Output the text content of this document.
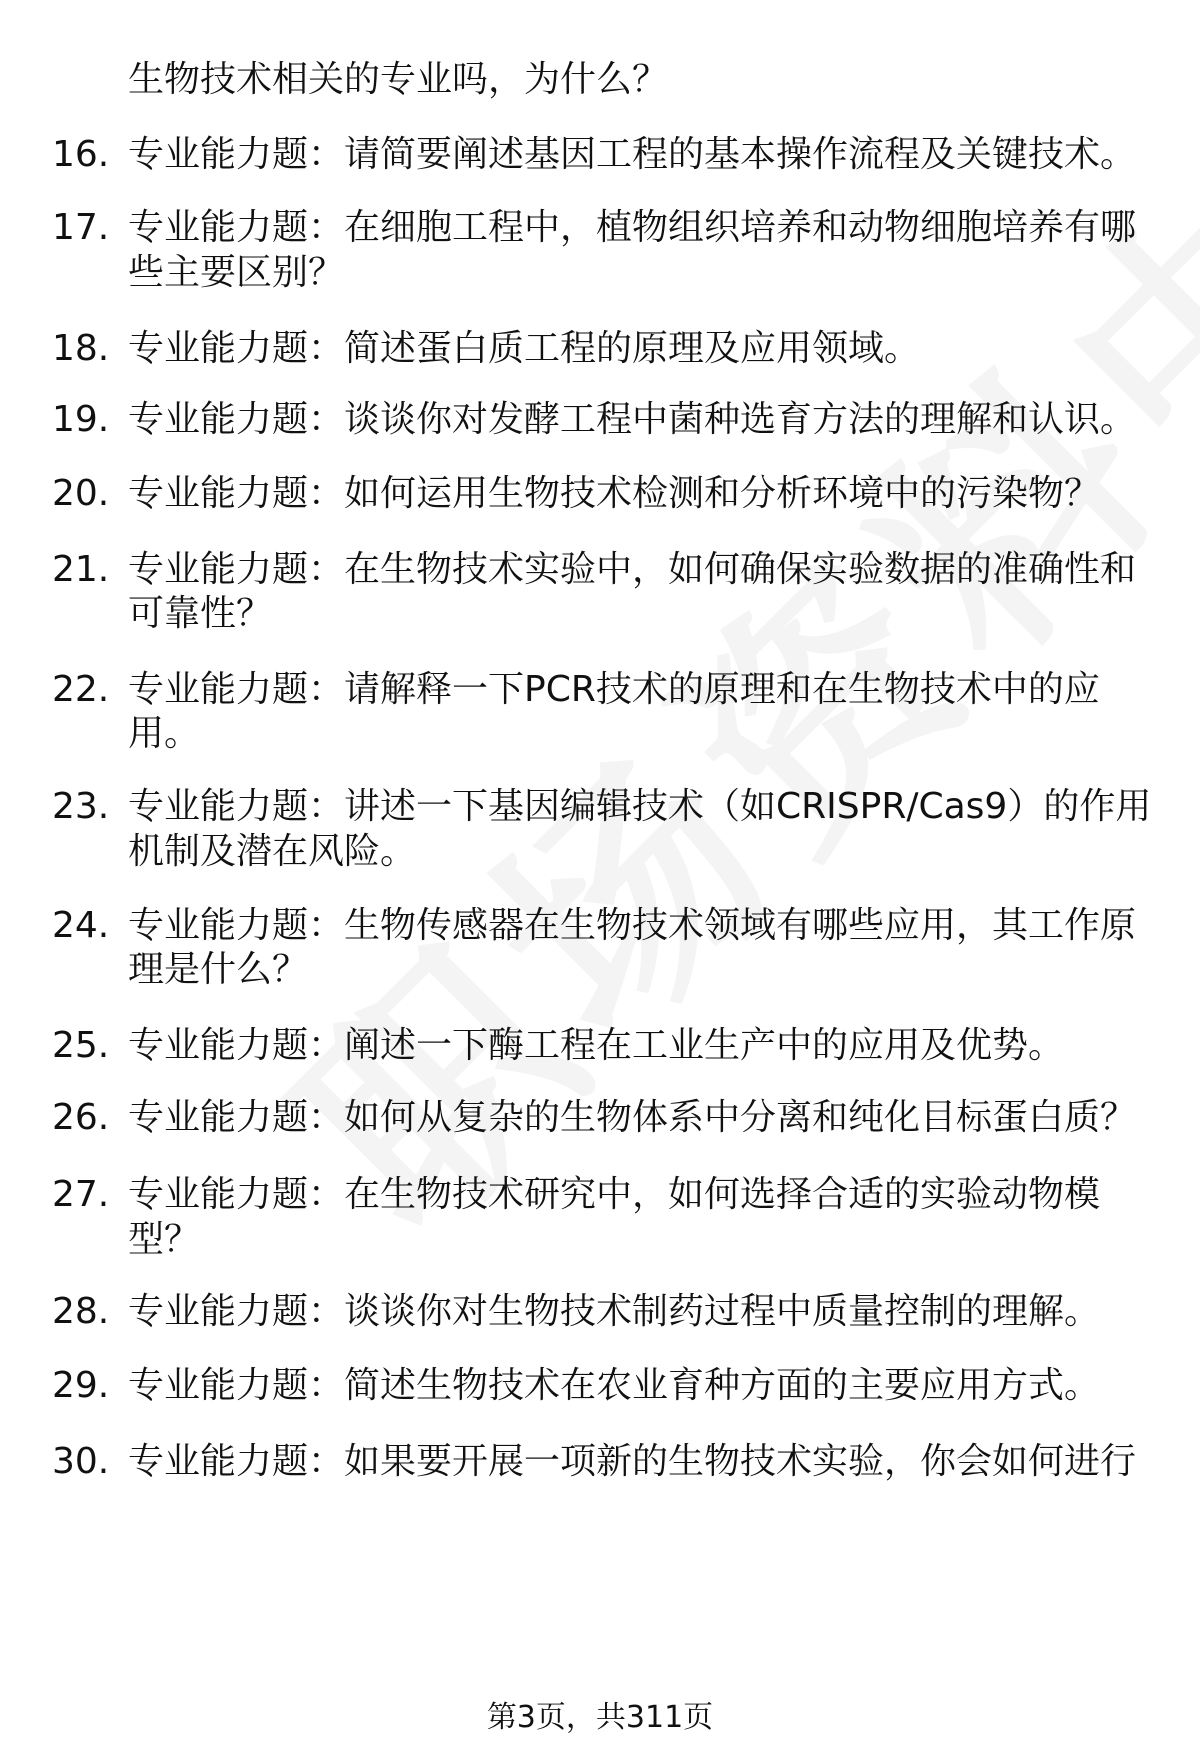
生物技术相关的专业吗，为什么？
16. 专业能力题：请简要阐述基因工程的基本操作流程及关键技术。
17. 专业能力题：在细胞工程中，植物组织培养和动物细胞培养有哪
些主要区别？
18. 专业能力题：简述蛋白质工程的原理及应用领域。
19. 专业能力题：谈谈你对发酵工程中菌种选育方法的理解和认识。
20. 专业能力题：如何运用生物技术检测和分析环境中的污染物？
21. 专业能力题：在生物技术实验中，如何确保实验数据的准确性和
可靠性？
22. 专业能力题：请解释一下PCR技术的原理和在生物技术中的应
用。
23. 专业能力题：讲述一下基因编辑技术（如CRISPR/Cas9）的作用
机制及潜在风险。
24. 专业能力题：生物传感器在生物技术领域有哪些应用，其工作原
理是什么？
25. 专业能力题：阐述一下酶工程在工业生产中的应用及优势。
26. 专业能力题：如何从复杂的生物体系中分离和纯化目标蛋白质？
27. 专业能力题：在生物技术研究中，如何选择合适的实验动物模
型？
28. 专业能力题：谈谈你对生物技术制药过程中质量控制的理解。
29. 专业能力题：简述生物技术在农业育种方面的主要应用方式。
30. 专业能力题：如果要开展一项新的生物技术实验，你会如何进行
第3页，共311页
